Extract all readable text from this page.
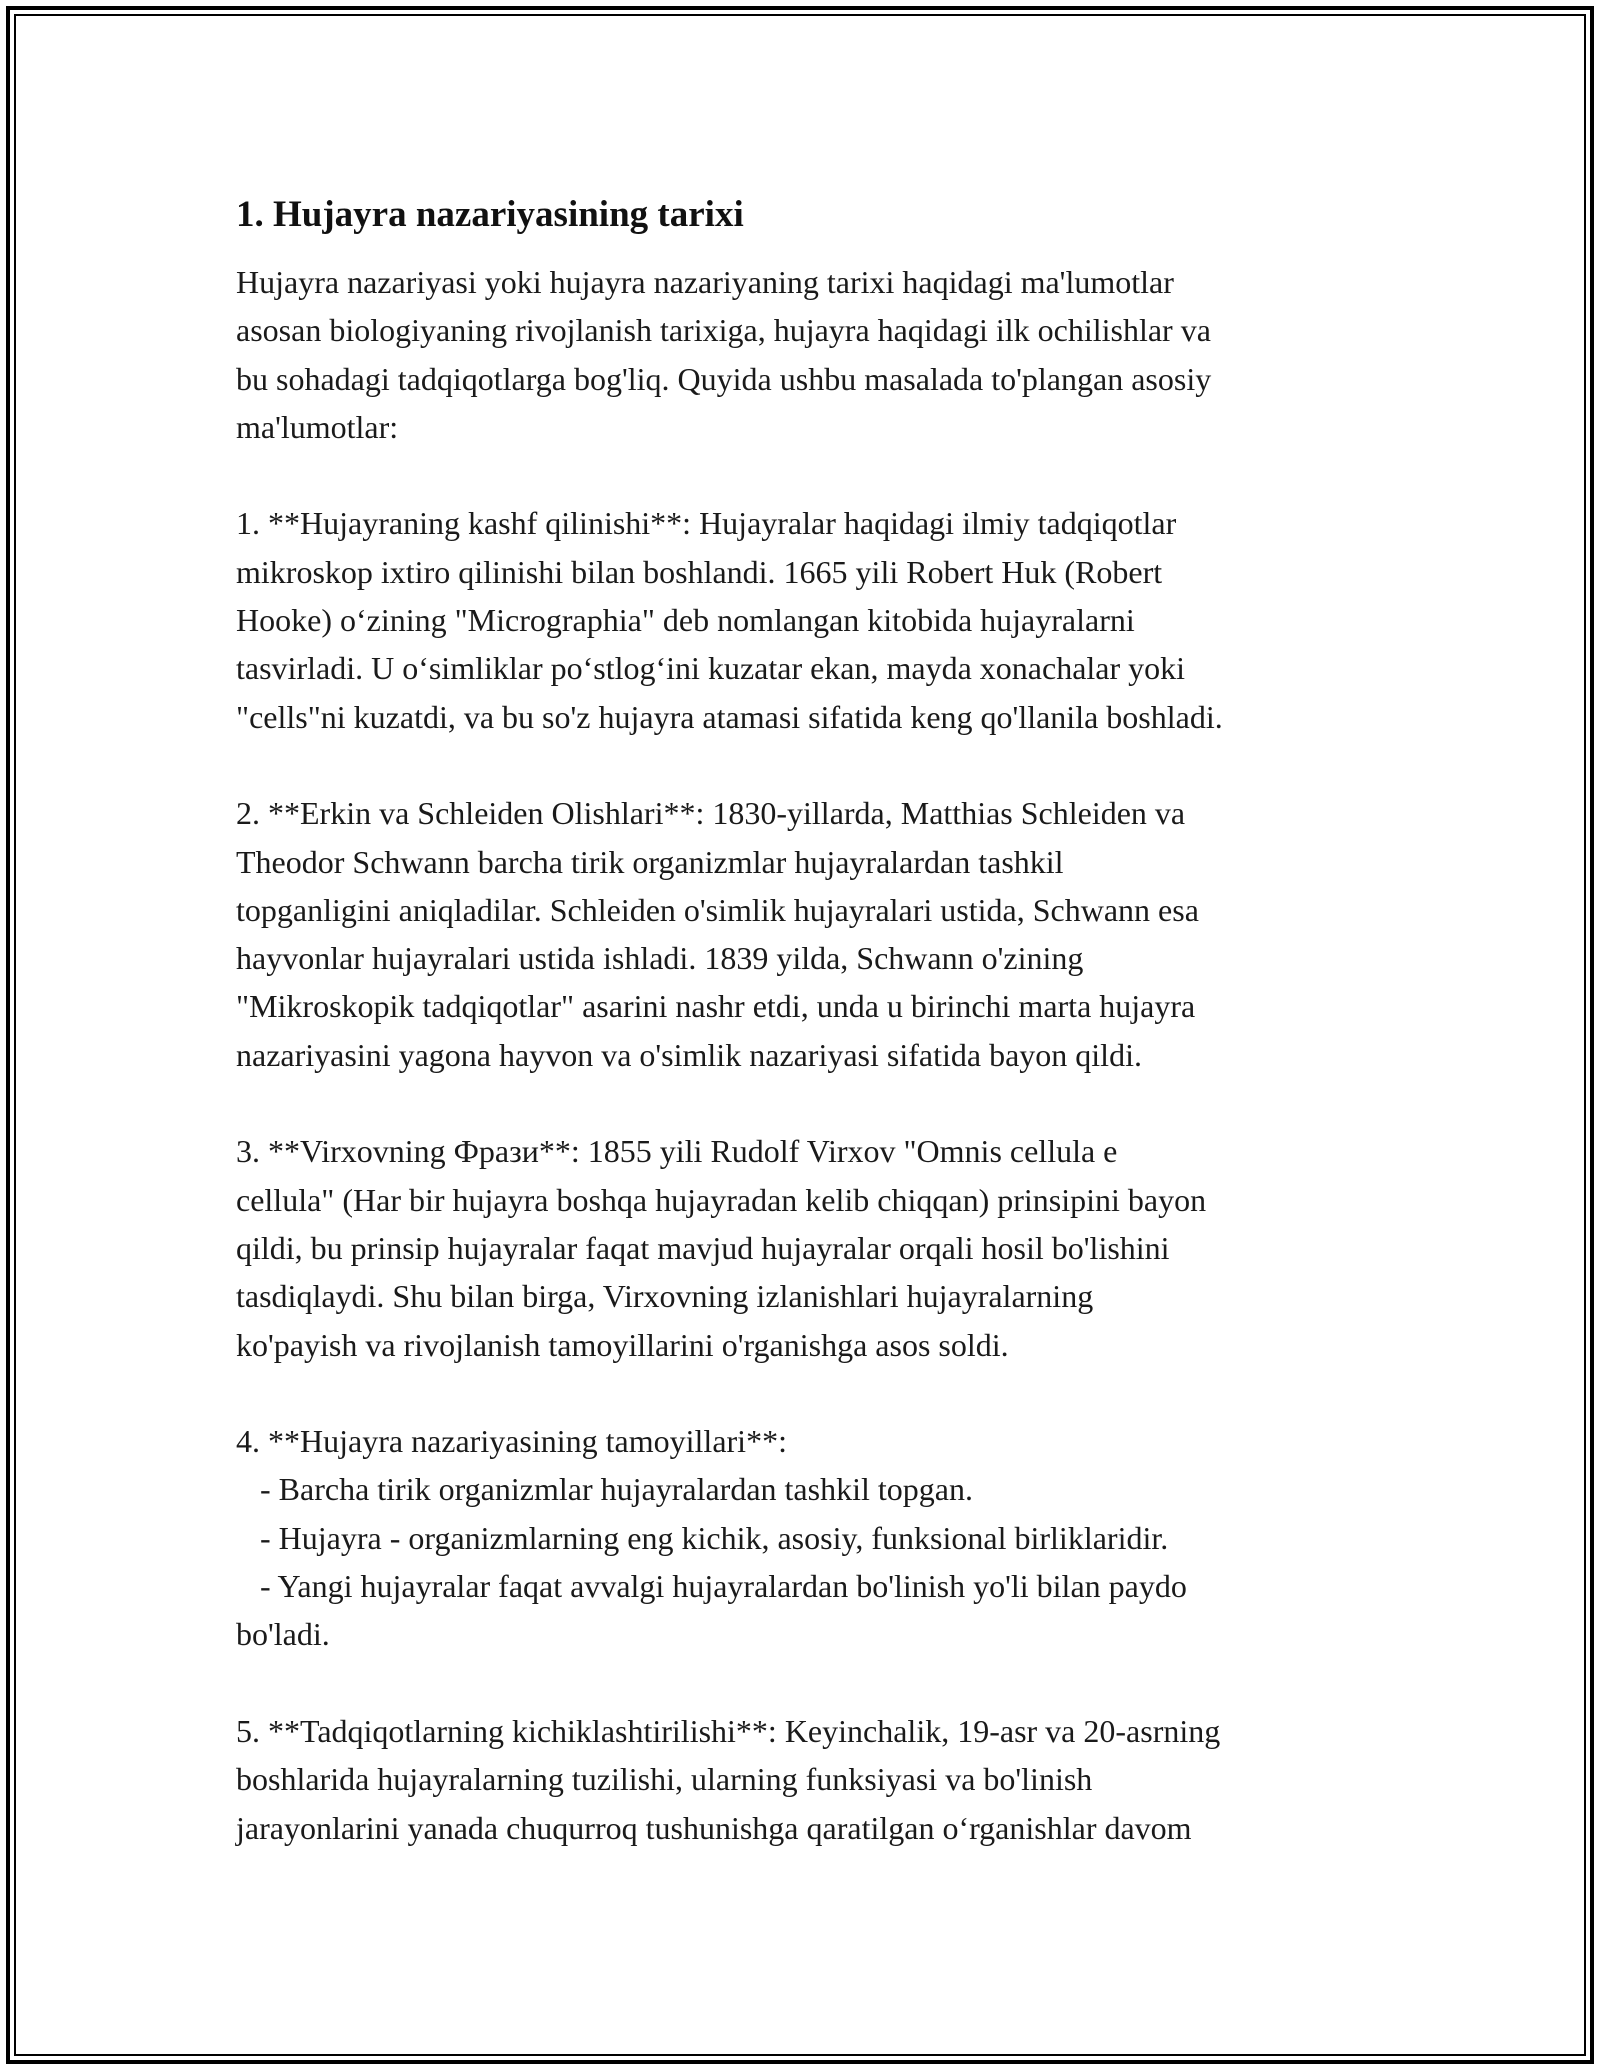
1. Hujayra nazariyasining tarixi

Hujayra nazariyasi yoki hujayra nazariyaning tarixi haqidagi ma'lumotlar
asosan biologiyaning rivojlanish tarixiga, hujayra haqidagi ilk ochilishlar va
bu sohadagi tadqiqotlarga bog'liq. Quyida ushbu masalada to'plangan asosiy
ma'lumotlar:

1. **Hujayraning kashf qilinishi**: Hujayralar haqidagi ilmiy tadqiqotlar
mikroskop ixtiro qilinishi bilan boshlandi. 1665 yili Robert Huk (Robert
Hooke) o‘zining "Micrographia" deb nomlangan kitobida hujayralarni
tasvirladi. U o‘simliklar po‘stlog‘ini kuzatar ekan, mayda xonachalar yoki
"cells"ni kuzatdi, va bu so'z hujayra atamasi sifatida keng qo'llanila boshladi.

2. **Erkin va Schleiden Olishlari**: 1830-yillarda, Matthias Schleiden va
Theodor Schwann barcha tirik organizmlar hujayralardan tashkil
topganligini aniqladilar. Schleiden o'simlik hujayralari ustida, Schwann esa
hayvonlar hujayralari ustida ishladi. 1839 yilda, Schwann o'zining
"Mikroskopik tadqiqotlar" asarini nashr etdi, unda u birinchi marta hujayra
nazariyasini yagona hayvon va o'simlik nazariyasi sifatida bayon qildi.

3. **Virxovning Фрази**: 1855 yili Rudolf Virxov "Omnis cellula e
cellula" (Har bir hujayra boshqa hujayradan kelib chiqqan) prinsipini bayon
qildi, bu prinsip hujayralar faqat mavjud hujayralar orqali hosil bo'lishini
tasdiqlaydi. Shu bilan birga, Virxovning izlanishlari hujayralarning
ko'payish va rivojlanish tamoyillarini o'rganishga asos soldi.

4. **Hujayra nazariyasining tamoyillari**:
- Barcha tirik organizmlar hujayralardan tashkil topgan.
- Hujayra - organizmlarning eng kichik, asosiy, funksional birliklaridir.
- Yangi hujayralar faqat avvalgi hujayralardan bo'linish yo'li bilan paydo
bo'ladi.

5. **Tadqiqotlarning kichiklashtirilishi**: Keyinchalik, 19-asr va 20-asrning
boshlarida hujayralarning tuzilishi, ularning funksiyasi va bo'linish
jarayonlarini yanada chuqurroq tushunishga qaratilgan o‘rganishlar davom
